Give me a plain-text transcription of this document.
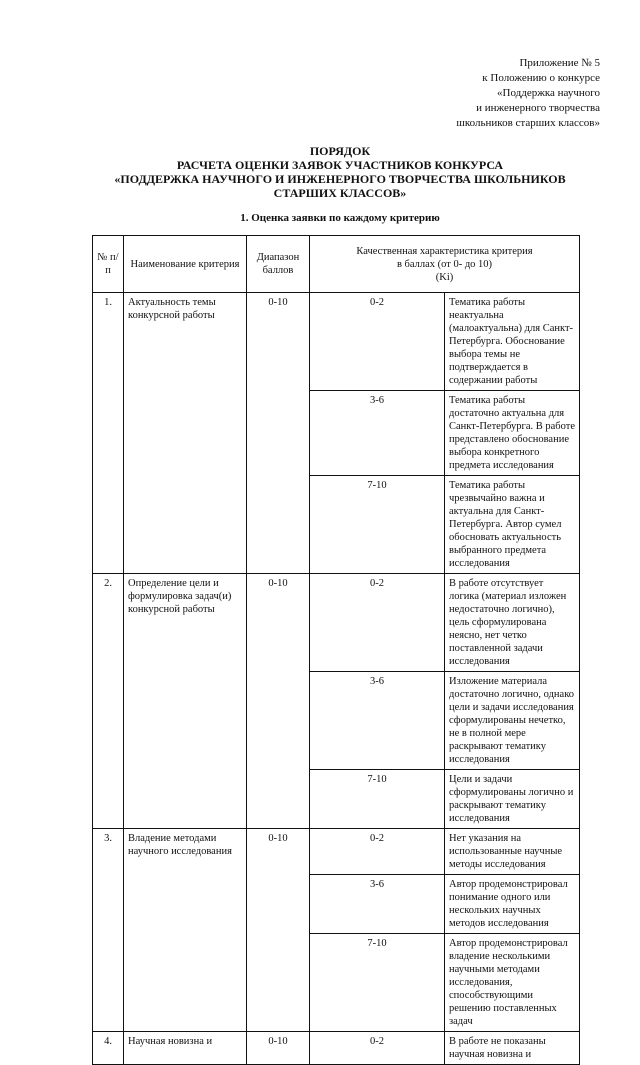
Приложение № 5
к Положению о конкурсе
«Поддержка научного
и инженерного творчества
школьников старших классов»
ПОРЯДОК
РАСЧЕТА ОЦЕНКИ ЗАЯВОК УЧАСТНИКОВ КОНКУРСА
«ПОДДЕРЖКА НАУЧНОГО И ИНЖЕНЕРНОГО ТВОРЧЕСТВА ШКОЛЬНИКОВ
СТАРШИХ КЛАССОВ»
1. Оценка заявки по каждому критерию
№ п/п	Наименование критерия	Диапазон баллов	Качественная характеристика критерия
в баллах (от 0- до 10)
(Ki)	

1.	Актуальность темы конкурсной работы	0-10	0-2	Тематика работы неактуальна (малоактуальна) для Санкт-Петербурга. Обоснование выбора темы не подтверждается в содержании работы
			3-6	Тематика работы достаточно актуальна для Санкт-Петербурга. В работе представлено обоснование выбора конкретного предмета исследования
			7-10	Тематика работы чрезвычайно важна и актуальна для Санкт-Петербурга. Автор сумел обосновать актуальность выбранного предмета исследования
2.	Определение цели и формулировка задач(и) конкурсной работы	0-10	0-2	В работе отсутствует логика (материал изложен недостаточно логично), цель сформулирована неясно, нет четко поставленной задачи исследования
			3-6	Изложение материала достаточно логично, однако цели и задачи исследования сформулированы нечетко, не в полной мере раскрывают тематику исследования
			7-10	Цели и задачи сформулированы логично и раскрывают тематику исследования
3.	Владение методами научного исследования	0-10	0-2	Нет указания на использованные научные методы исследования
			3-6	Автор продемонстрировал понимание одного или нескольких научных методов исследования
			7-10	Автор продемонстрировал владение несколькими научными методами исследования, способствующими решению поставленных задач
4.	Научная новизна и	0-10	0-2	В работе не показаны научная новизна и
